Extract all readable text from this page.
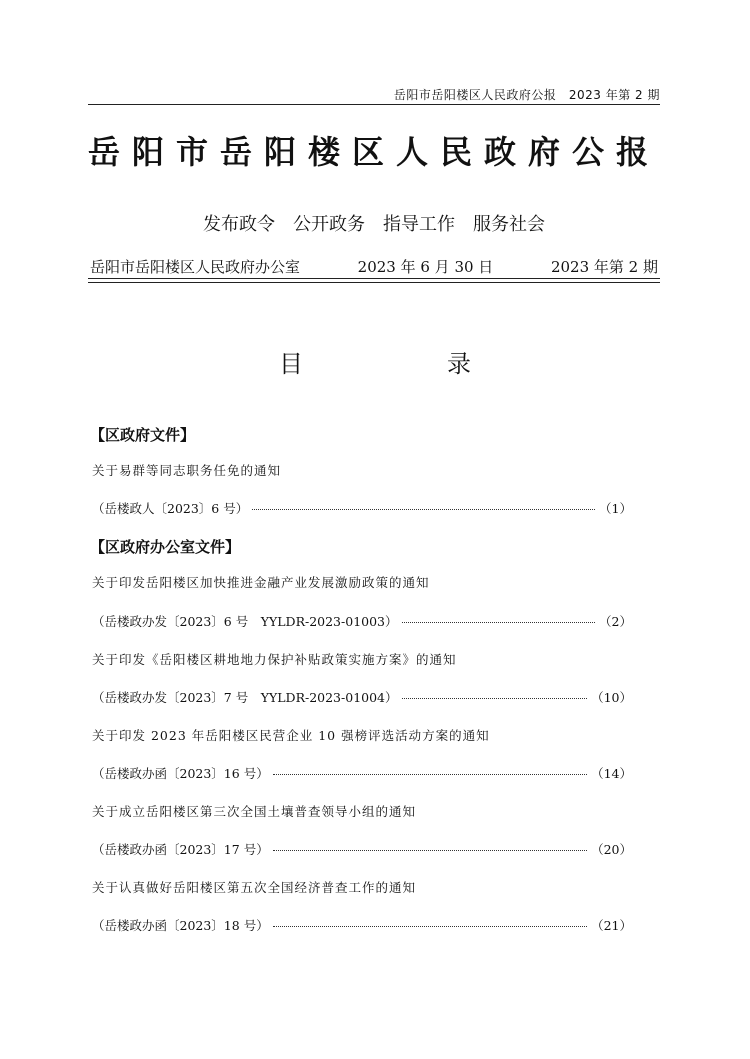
岳阳市岳阳楼区人民政府公报　2023 年第 2 期
岳阳市岳阳楼区人民政府公报
发布政令　公开政务　指导工作　服务社会
岳阳市岳阳楼区人民政府办公室	2023 年 6 月 30 日	2023 年第 2 期
目　录
【区政府文件】
关于易群等同志职务任免的通知
（岳楼政人〔2023〕6 号）	（1）
【区政府办公室文件】
关于印发岳阳楼区加快推进金融产业发展激励政策的通知
（岳楼政办发〔2023〕6 号　YYLDR-2023-01003）	（2）
关于印发《岳阳楼区耕地地力保护补贴政策实施方案》的通知
（岳楼政办发〔2023〕7 号　YYLDR-2023-01004）	（10）
关于印发 2023 年岳阳楼区民营企业 10 强榜评选活动方案的通知
（岳楼政办函〔2023〕16 号）	（14）
关于成立岳阳楼区第三次全国土壤普查领导小组的通知
（岳楼政办函〔2023〕17 号）	（20）
关于认真做好岳阳楼区第五次全国经济普查工作的通知
（岳楼政办函〔2023〕18 号）	（21）
